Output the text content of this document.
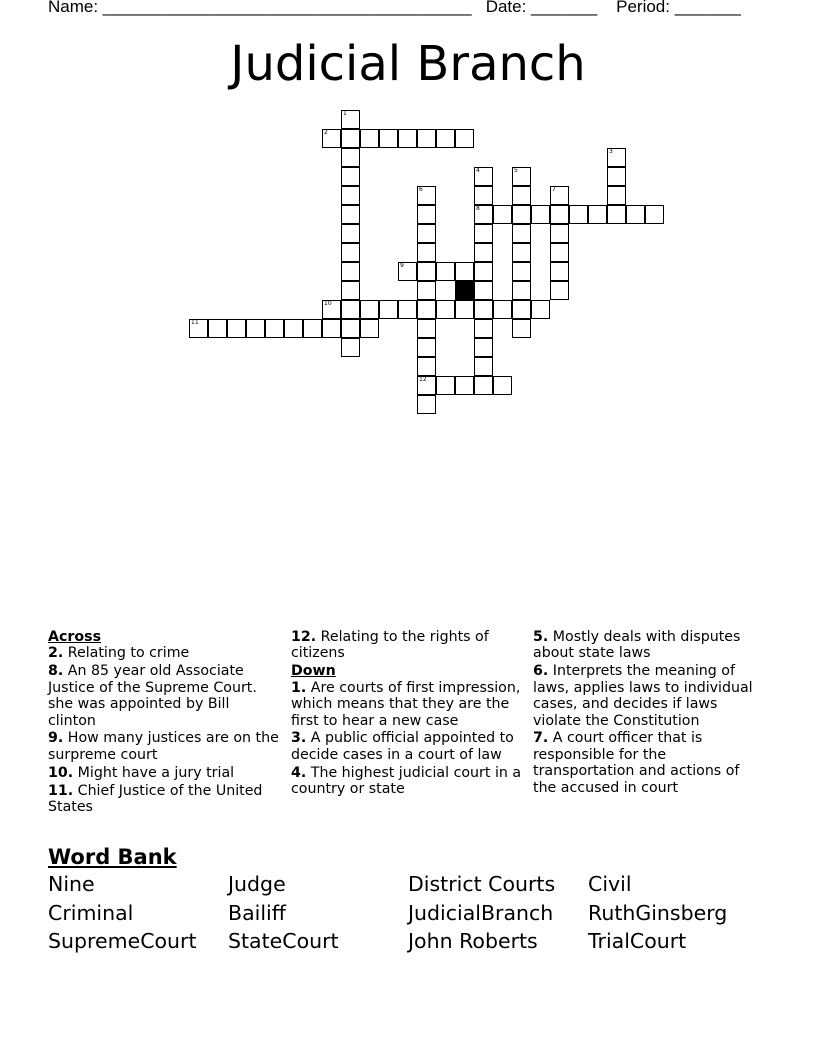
Name: _______________________________________   Date: _______    Period: _______
Judicial Branch
2
1
3
4
8
5
6
12
7
9
10
11
Across
2. Relating to crime
8. An 85 year old Associate Justice of the Supreme Court. she was appointed by Bill clinton
9. How many justices are on the surpreme court
10. Might have a jury trial
11. Chief Justice of the United States
12. Relating to the rights of citizens
Down
1. Are courts of first impression, which means that they are the first to hear a new case
3. A public official appointed to decide cases in a court of law
4. The highest judicial court in a country or state
5. Mostly deals with disputes about state laws
6. Interprets the meaning of laws, applies laws to individual cases, and decides if laws violate the Constitution
7. A court officer that is responsible for the transportation and actions of the accused in court
Word Bank
Nine	Judge	District Courts	Civil
Criminal	Bailiff	JudicialBranch	RuthGinsberg
SupremeCourt	StateCourt	John Roberts	TrialCourt
